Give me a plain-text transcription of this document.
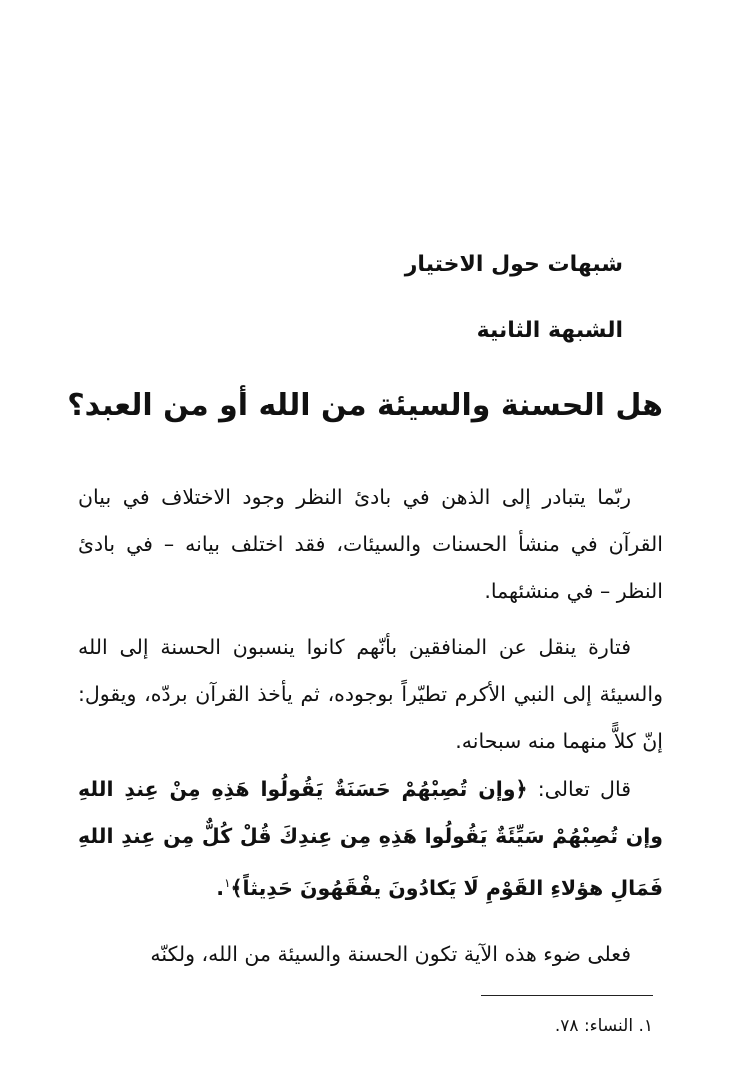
شبهات حول الاختيار
الشبهة الثانية
هل الحسنة والسيئة من الله أو من العبد؟

ربّما يتبادر إلى الذهن في بادئ النظر وجود الاختلاف في بيان القرآن في منشأ الحسنات والسيئات، فقد اختلف بيانه – في بادئ النظر – في منشئهما.

فتارة ينقل عن المنافقين بأنّهم كانوا ينسبون الحسنة إلى الله والسيئة إلى النبي الأكرم تطيّراً بوجوده، ثم يأخذ القرآن بردّه، ويقول: إنّ كلاًّ منهما منه سبحانه.

قال تعالى: ﴿وإن تُصِبْهُمْ حَسَنَةٌ يَقُولُوا هَذِهِ مِنْ عِندِ اللهِ وإن تُصِبْهُمْ سَيِّئَةٌ يَقُولُوا هَذِهِ مِن عِندِكَ قُلْ كُلٌّ مِن عِندِ اللهِ فَمَالِ هؤلاءِ القَوْمِ لَا يَكادُونَ يفْقَهُونَ حَدِيثاً﴾$^١$.

فعلى ضوء هذه الآية تكون الحسنة والسيئة من الله، ولكنّه

١. النساء: ٧٨.
